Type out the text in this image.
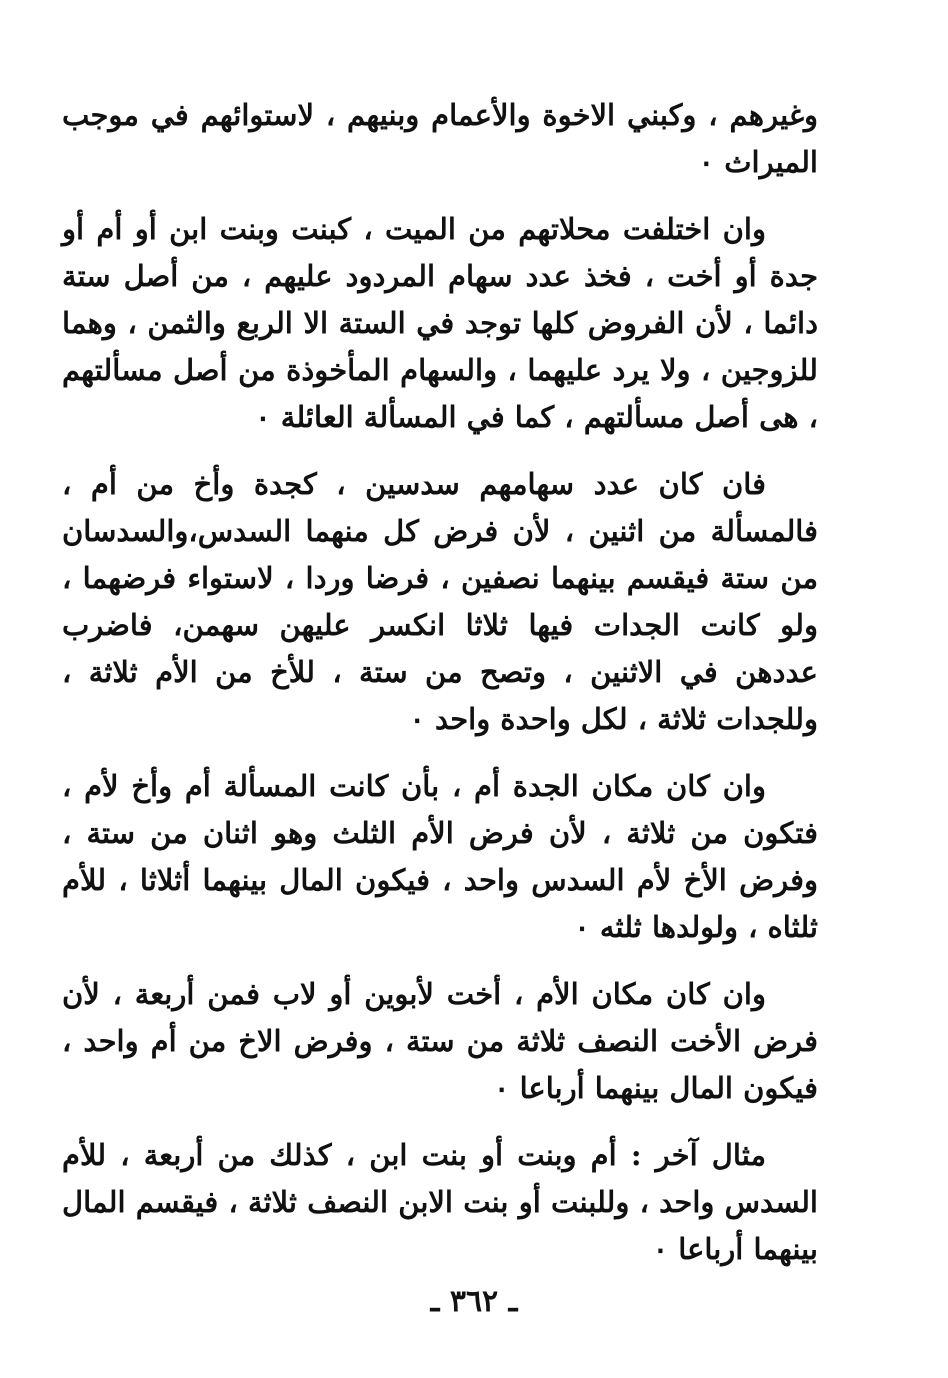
وغيرهم ، وكبني الاخوة والأعمام وبنيهم ، لاستوائهم في موجب الميراث ٠

وان اختلفت محلاتهم من الميت ، كبنت وبنت ابن أو أم أو جدة أو أخت ، فخذ عدد سهام المردود عليهم ، من أصل ستة دائما ، لأن الفروض كلها توجد في الستة الا الربع والثمن ، وهما للزوجين ، ولا يرد عليهما ، والسهام المأخوذة من أصل مسألتهم ، هى أصل مسألتهم ، كما في المسألة العائلة ٠

فان كان عدد سهامهم سدسين ، كجدة وأخ من أم ، فالمسألة من اثنين ، لأن فرض كل منهما السدس،والسدسان من ستة فيقسم بينهما نصفين ، فرضا وردا ، لاستواء فرضهما ، ولو كانت الجدات فيها ثلاثا انكسر عليهن سهمن، فاضرب عددهن في الاثنين ، وتصح من ستة ، للأخ من الأم ثلاثة ، وللجدات ثلاثة ، لكل واحدة واحد ٠

وان كان مكان الجدة أم ، بأن كانت المسألة أم وأخ لأم ، فتكون من ثلاثة ، لأن فرض الأم الثلث وهو اثنان من ستة ، وفرض الأخ لأم السدس واحد ، فيكون المال بينهما أثلاثا ، للأم ثلثاه ، ولولدها ثلثه ٠

وان كان مكان الأم ، أخت لأبوين أو لاب فمن أربعة ، لأن فرض الأخت النصف ثلاثة من ستة ، وفرض الاخ من أم واحد ، فيكون المال بينهما أرباعا ٠

مثال آخر : أم وبنت أو بنت ابن ، كذلك من أربعة ، للأم السدس واحد ، وللبنت أو بنت الابن النصف ثلاثة ، فيقسم المال بينهما أرباعا ٠

ـ ٣٦٢ ـ
